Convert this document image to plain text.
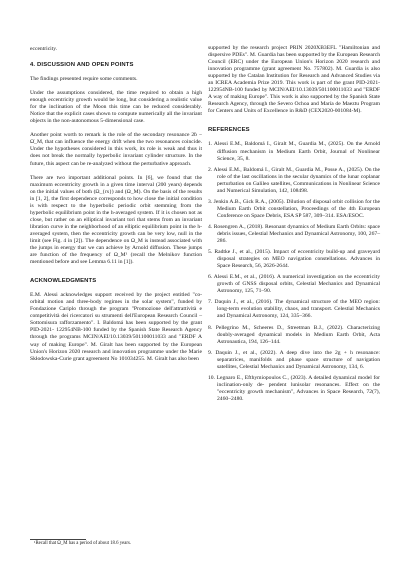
eccentricity.

4. DISCUSSION AND OPEN POINTS

The findings presented require some comments.

Under the assumptions considered, the time required to obtain a high enough eccentricity growth would be long, but considering a realistic value for the inclination of the Moon this time can be reduced considerably. Notice that the explicit cases shown to compute numerically all the invariant objects in the non-autonomous 5-dimensional case.

Another point worth to remark is the role of the secondary resonance 2ḃ − Ω̇_M, that can influence the energy drift when the two resonances coincide. Under the hypotheses considered in this work, its role is weak and thus it does not break the normally hyperbolic invariant cylinder structure. In the future, this aspect can be re-analyzed without the perturbative approach.

There are two important additional points. In [6], we found that the maximum eccentricity growth in a given time interval (200 years) depends on the initial values of both (Ω_{rs}) and (Ω_M). On the basis of the results in [1, 2], the first dependence corresponds to how close the initial condition is with respect to the hyperbolic periodic orbit stemming from the hyperbolic equilibrium point in the h-averaged system. If it is chosen not as close, but rather on an elliptical invariant tori that stems from an invariant libration curve in the neighborhood of an elliptic equilibrium point in the h-averaged system, then the eccentricity growth can be very low, null in the limit (see Fig. 4 in [2]). The dependence on Ω_M is instead associated with the jumps in energy that we can achieve by Arnold diffusion. These jumps are function of the frequency of Ω_M¹ (recall the Melnikov function mentioned before and see Lemma 6.11 in [1]).

ACKNOWLEDGMENTS

E.M. Alessi acknowledges support received by the project entitled "co-orbital motion and three-body regimes in the solar system", funded by Fondazione Cariplo through the program "Promozione dell'attrattività e competitività dei ricercatori su strumenti dell'European Research Council – Sottomisura rafforzamento". I. Baldomá has been supported by the grant PID-2021- 122954NB-100 funded by the Spanish State Research Agency through the programs MCIN/AEI/10.13039/501100011033 and "ERDF A way of making Europe". M. Giralt has been supported by the European Union's Horizon 2020 research and innovation programme under the Marie Skłodowska-Curie grant agreement No 101034255. M. Giralt has also been

¹Recall that Ω_M has a period of about 18.6 years.

supported by the research project PRIN 2020XB3EFL "Hamiltonian and dispersive PDEs". M. Guardia has been supported by the European Research Council (ERC) under the European Union's Horizon 2020 research and innovation programme (grant agreement No. 757802). M. Guardia is also supported by the Catalan Institution for Research and Advanced Studies via an ICREA Academia Prize 2019. This work is part of the grant PID-2021-122954NB-100 funded by MCIN/AEI/10.13039/501100011033 and "ERDF A way of making Europe". This work is also supported by the Spanish State Research Agency, through the Severo Ochoa and María de Maeztu Program for Centers and Units of Excellence in R&D (CEX2020-001084-M).

REFERENCES

1. Alessi E.M., Baldomá I., Giralt M., Guardia M., (2025). On the Arnold diffusion mechanism in Medium Earth Orbit, Journal of Nonlinear Science, 35, 8.

2. Alessi E.M., Baldomá I., Giralt M., Guardia M., Posse A., (2025). On the role of the last oscillations in the secular dynamics of the lunar coplanar perturbation on Galileo satellites, Communications in Nonlinear Science and Numerical Simulation, 142, 108498.

3. Jenkin A.B., Gick R.A., (2005). Dilution of disposal orbit collision for the Medium Earth Orbit constellation, Proceedings of the 4th European Conference on Space Debris, ESA SP 587, 309–314. ESA/ESOC.

4. Rosengren A., (2018). Resonant dynamics of Medium Earth Orbits: space debris issues, Celestial Mechanics and Dynamical Astronomy, 100, 267–286.

5. Radtke J., et al., (2015). Impact of eccentricity build-up and graveyard disposal strategies on MEO navigation constellations. Advances in Space Research, 56, 2626-2644.

6. Alessi E.M., et al., (2016). A numerical investigation on the eccentricity growth of GNSS disposal orbits, Celestial Mechanics and Dynamical Astronomy, 125, 71–90.

7. Daquin J., et al., (2016). The dynamical structure of the MEO region: long-term evolution stability, chaos, and transport. Celestial Mechanics and Dynamical Astronomy, 124, 335–366.

8. Pellegrino M., Scheeres D., Streetman B.J., (2022). Characterizing doubly-averaged dynamical models in Medium Earth Orbit, Acta Astronautica, 194, 126–144.

9. Daquin J., et al., (2022). A deep dive into the 2g + h resonance: separatrices, manifolds and phase space structure of navigation satellites, Celestial Mechanics and Dynamical Astronomy, 134, 6.

10. Legnaro E., Efthymiopoulos C., (2023). A detailed dynamical model for inclination-only de- pendent lunisolar resonances. Effect on the "eccentricity growth mechanism", Advances in Space Research, 72(7), 2460–2480.
